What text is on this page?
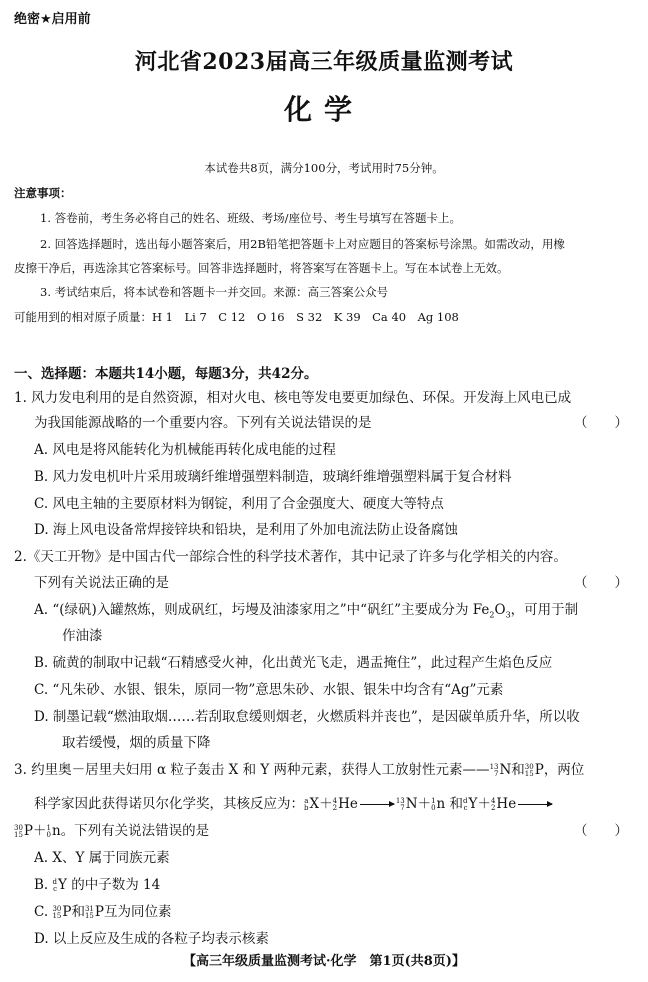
绝密★启用前
河北省2023届高三年级质量监测考试
化学
本试卷共8页，满分100分，考试用时75分钟。
注意事项：
1. 答卷前，考生务必将自己的姓名、班级、考场/座位号、考生号填写在答题卡上。
2. 回答选择题时，选出每小题答案后，用2B铅笔把答题卡上对应题目的答案标号涂黑。如需改动，用橡
皮擦干净后，再选涂其它答案标号。回答非选择题时，将答案写在答题卡上。写在本试卷上无效。
3. 考试结束后，将本试卷和答题卡一并交回。来源：高三答案公众号
可能用到的相对原子质量：H 1　Li 7　C 12　O 16　S 32　K 39　Ca 40　Ag 108
一、选择题：本题共14小题，每题3分，共42分。
1. 风力发电利用的是自然资源，相对火电、核电等发电要更加绿色、环保。开发海上风电已成
为我国能源战略的一个重要内容。下列有关说法错误的是	（　　）
A. 风电是将风能转化为机械能再转化成电能的过程
B. 风力发电机叶片采用玻璃纤维增强塑料制造，玻璃纤维增强塑料属于复合材料
C. 风电主轴的主要原材料为钢锭，利用了合金强度大、硬度大等特点
D. 海上风电设备常焊接锌块和铅块，是利用了外加电流法防止设备腐蚀
2.《天工开物》是中国古代一部综合性的科学技术著作，其中记录了许多与化学相关的内容。
下列有关说法正确的是	（　　）
A. “(绿矾)入罐熬炼，则成矾红，圬墁及油漆家用之”中“矾红”主要成分为 $Fe_2O_3$，可用于制
作油漆
B. 硫黄的制取中记载“石精感受火神，化出黄光飞走，遇盂掩住”，此过程产生焰色反应
C. “凡朱砂、水银、银朱，原同一物”意思朱砂、水银、银朱中均含有“Ag”元素
D. 制墨记载“燃油取烟……若刮取怠缓则烟老，火燃质料并丧也”，是因碳单质升华，所以收
取若缓慢，烟的质量下降
3. 约里奥－居里夫妇用 α 粒子轰击 X 和 Y 两种元素，获得人工放射性元素—— 13
7 N和 30
15 P，两位
科学家因此获得诺贝尔化学奖，其核反应为： a
b X＋ 4
2 He → 13
7 N＋ 1
0 n 和 d
c Y＋ 4
2 He
30
15 P＋ 1
0 n。下列有关说法错误的是	（　　）
A. X、Y 属于同族元素
B. d
c Y 的中子数为 14
C. 30
15 P和 31
15 P互为同位素
D. 以上反应及生成的各粒子均表示核素
【高三年级质量监测考试·化学　第1页(共8页)】
